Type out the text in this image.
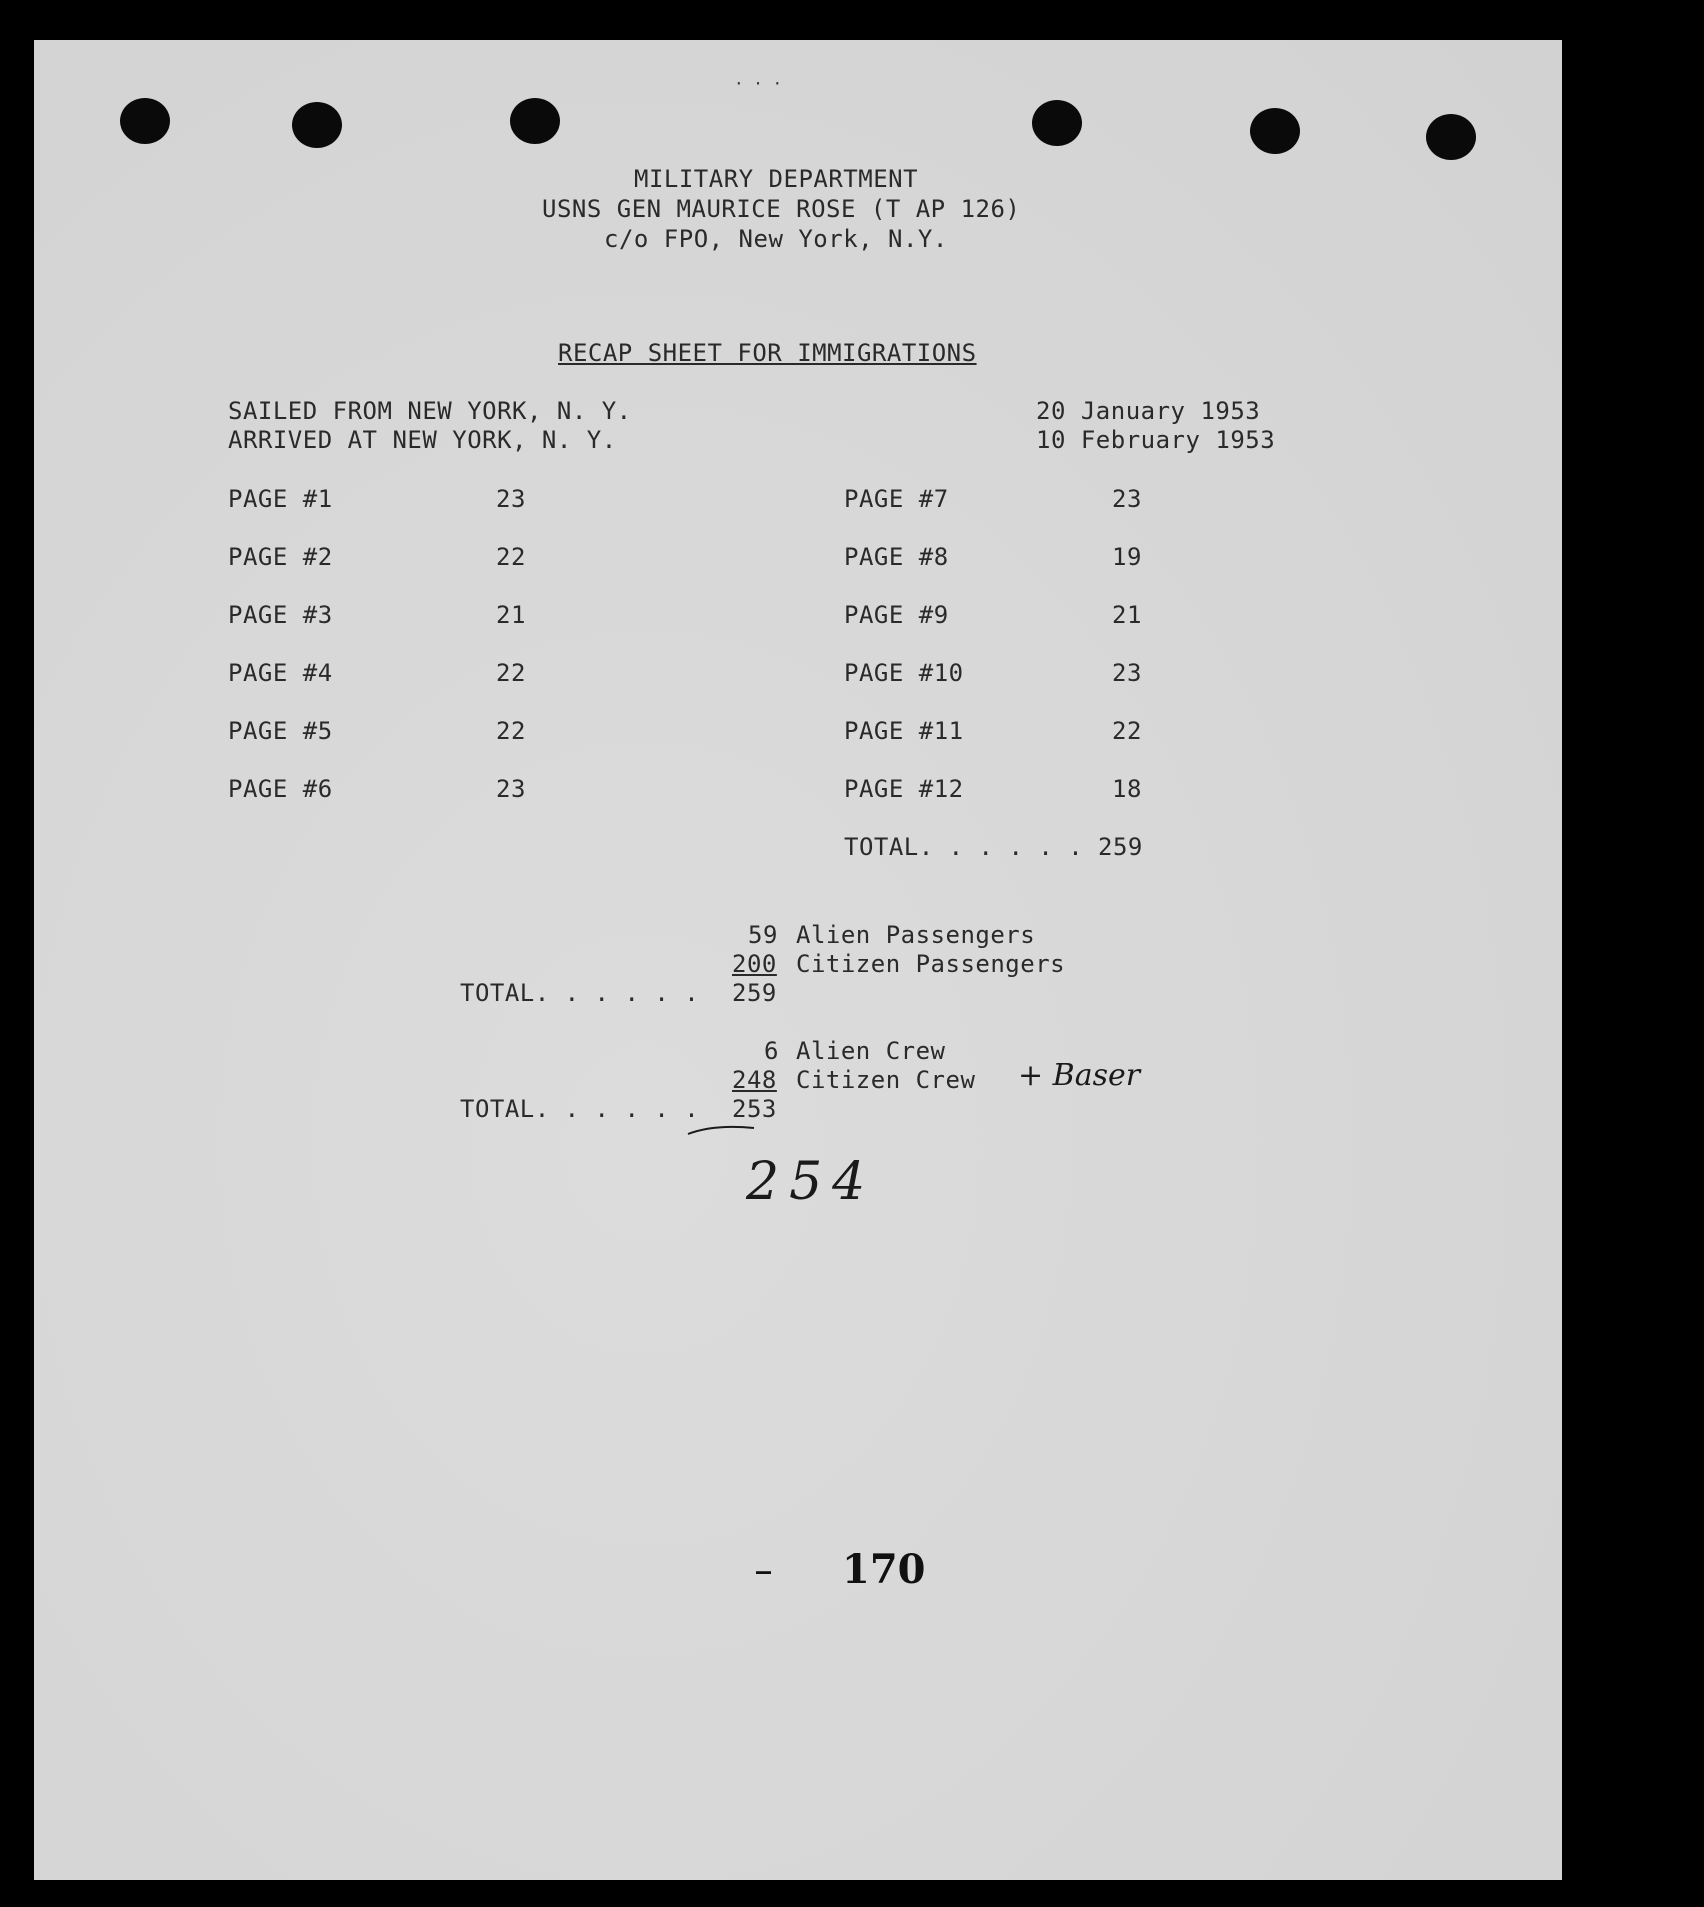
· · ·
MILITARY DEPARTMENT
USNS GEN MAURICE ROSE (T AP 126)
c/o FPO, New York, N.Y.
RECAP SHEET FOR IMMIGRATIONS
SAILED FROM NEW YORK, N. Y.	20 January 1953
ARRIVED AT NEW YORK, N. Y.	10 February 1953
PAGE #1	23
PAGE #2	22
PAGE #3	21
PAGE #4	22
PAGE #5	22
PAGE #6	23
PAGE #7	23
PAGE #8	19
PAGE #9	21
PAGE #10	23
PAGE #11	22
PAGE #12	18
TOTAL. . . . . . 259
59 Alien Passengers
200 Citizen Passengers
TOTAL. . . . . . 259
6 Alien Crew
248 Citizen Crew + Baser
TOTAL. . . . . . 253
254
_ 170
